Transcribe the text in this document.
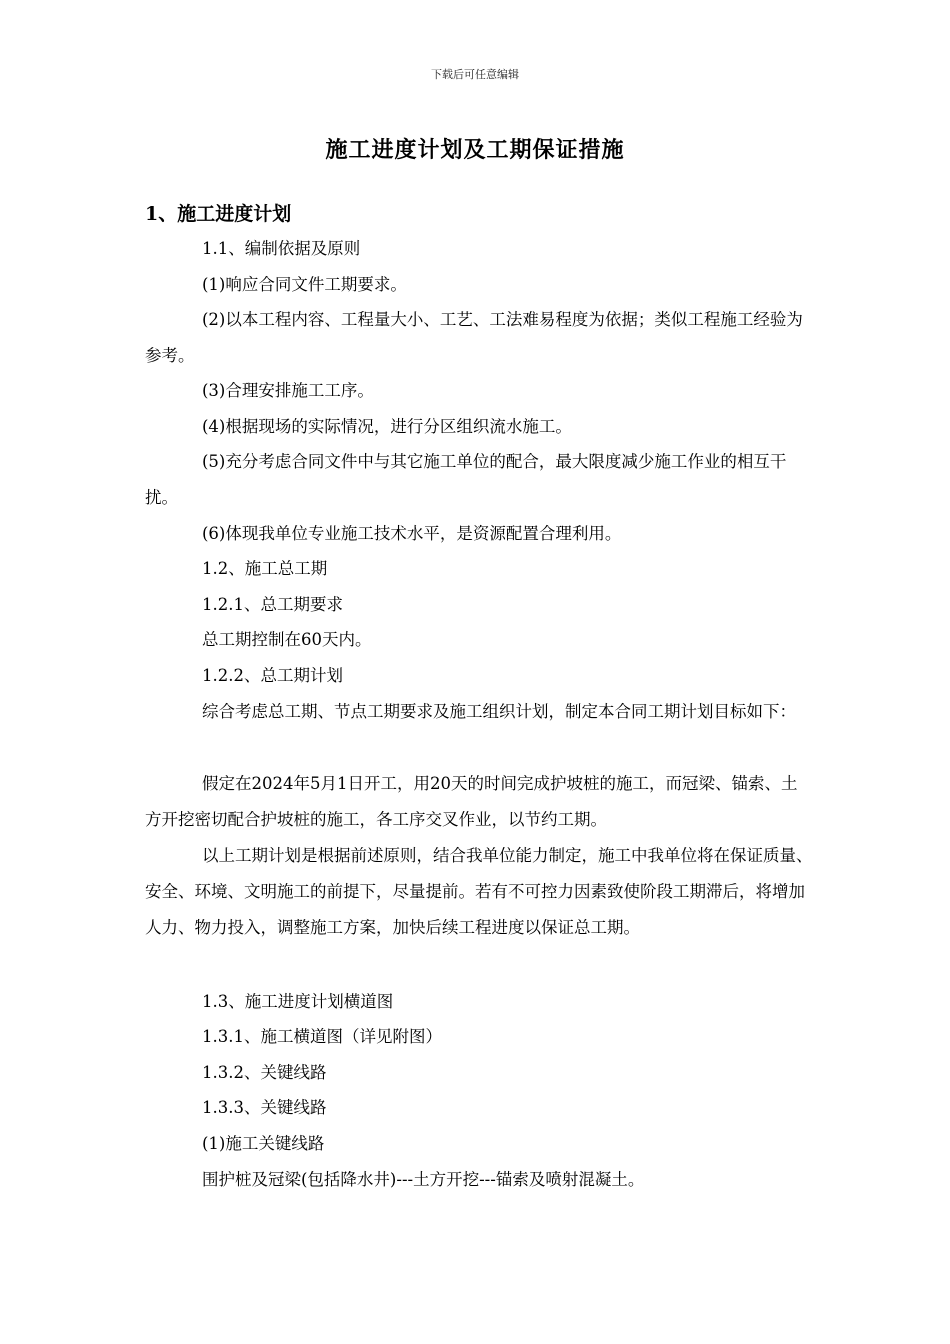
下载后可任意编辑
施工进度计划及工期保证措施
1、施工进度计划

1.1、编制依据及原则

(1)响应合同文件工期要求。

(2)以本工程内容、工程量大小、工艺、工法难易程度为依据；类似工程施工经验为参考。

(3)合理安排施工工序。

(4)根据现场的实际情况，进行分区组织流水施工。

(5)充分考虑合同文件中与其它施工单位的配合，最大限度减少施工作业的相互干扰。

(6)体现我单位专业施工技术水平，是资源配置合理利用。

1.2、施工总工期

1.2.1、总工期要求

总工期控制在60天内。

1.2.2、总工期计划

综合考虑总工期、节点工期要求及施工组织计划，制定本合同工期计划目标如下：

假定在2024年5月1日开工，用20天的时间完成护坡桩的施工，而冠梁、锚索、土方开挖密切配合护坡桩的施工，各工序交叉作业，以节约工期。

以上工期计划是根据前述原则，结合我单位能力制定，施工中我单位将在保证质量、安全、环境、文明施工的前提下，尽量提前。若有不可控力因素致使阶段工期滞后，将增加人力、物力投入，调整施工方案，加快后续工程进度以保证总工期。

1.3、施工进度计划横道图

1.3.1、施工横道图（详见附图）

1.3.2、关键线路

1.3.3、关键线路

(1)施工关键线路

围护桩及冠梁(包括降水井)---土方开挖---锚索及喷射混凝土。
